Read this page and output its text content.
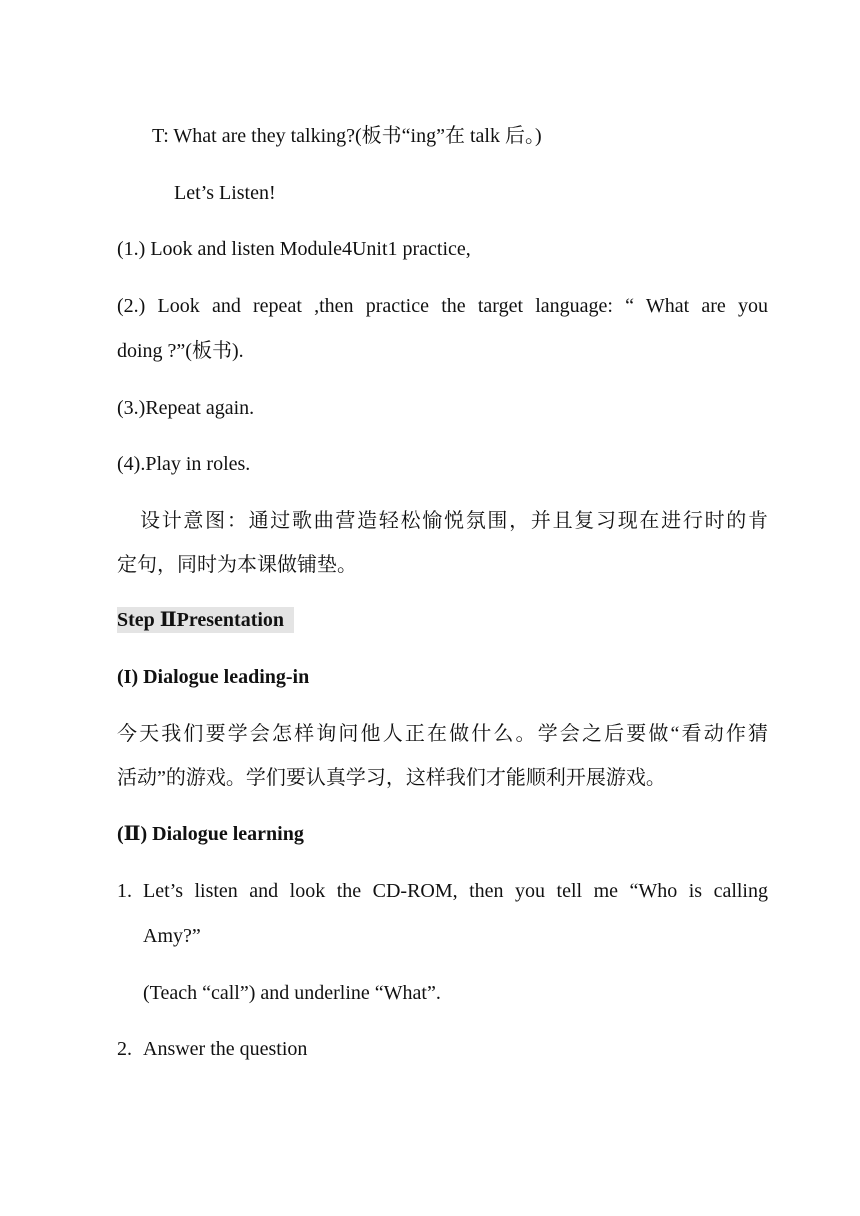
T: What are they talking?(板书“ing”在 talk 后。)
Let’s Listen!
(1.) Look and listen Module4Unit1 practice,
(2.) Look and repeat ,then practice the target language: “ What are you
doing ?”(板书).
(3.)Repeat again.
(4).Play in roles.
设计意图：通过歌曲营造轻松愉悦氛围，并且复习现在进行时的肯
定句，同时为本课做铺垫。
Step ⅡPresentation
(I) Dialogue leading-in
今天我们要学会怎样询问他人正在做什么。学会之后要做“看动作猜
活动”的游戏。学们要认真学习，这样我们才能顺利开展游戏。
(Ⅱ) Dialogue learning
1. Let’s listen and look the CD-ROM, then you tell me “Who is calling
Amy?”
(Teach “call”) and underline “What”.
2. Answer the question
